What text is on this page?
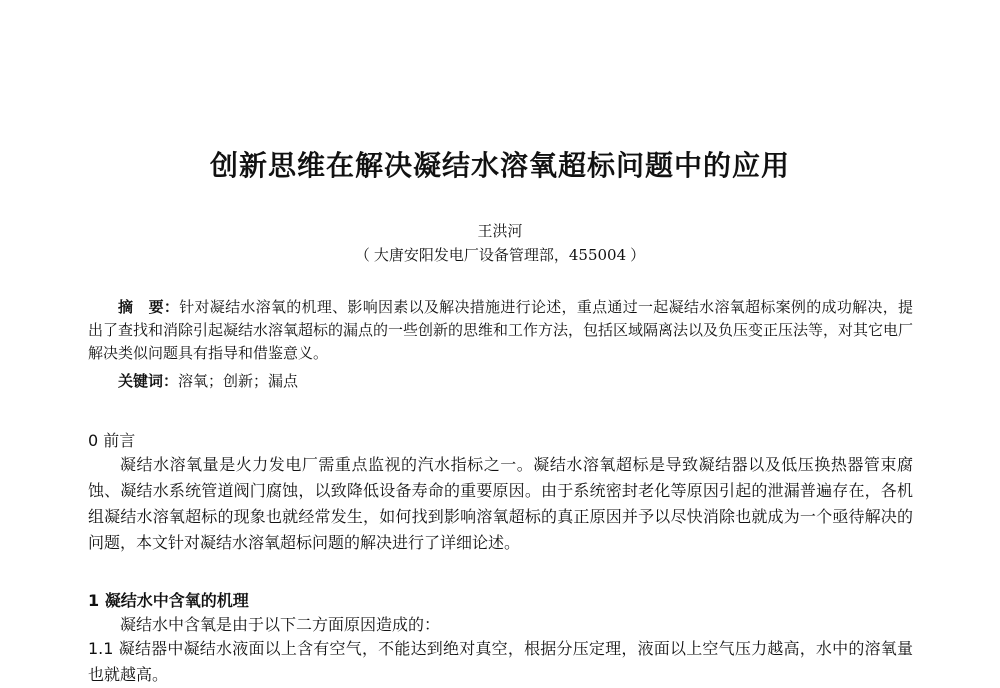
创新思维在解决凝结水溶氧超标问题中的应用

王洪河

（ 大唐安阳发电厂设备管理部，455004 ）

摘　要：针对凝结水溶氧的机理、影响因素以及解决措施进行论述，重点通过一起凝结水溶氧超标案例的成功解决，提出了查找和消除引起凝结水溶氧超标的漏点的一些创新的思维和工作方法，包括区域隔离法以及负压变正压法等，对其它电厂解决类似问题具有指导和借鉴意义。

关键词：溶氧；创新；漏点

0 前言

凝结水溶氧量是火力发电厂需重点监视的汽水指标之一。凝结水溶氧超标是导致凝结器以及低压换热器管束腐蚀、凝结水系统管道阀门腐蚀，以致降低设备寿命的重要原因。由于系统密封老化等原因引起的泄漏普遍存在，各机组凝结水溶氧超标的现象也就经常发生，如何找到影响溶氧超标的真正原因并予以尽快消除也就成为一个亟待解决的问题，本文针对凝结水溶氧超标问题的解决进行了详细论述。

1 凝结水中含氧的机理

凝结水中含氧是由于以下二方面原因造成的：

1.1 凝结器中凝结水液面以上含有空气，不能达到绝对真空，根据分压定理，液面以上空气压力越高，水中的溶氧量也就越高。
